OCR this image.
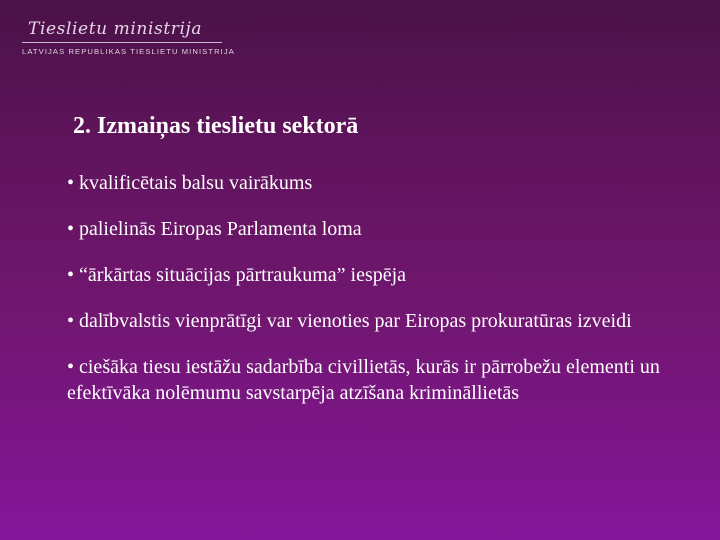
Tieslietu ministrija
LATVIJAS REPUBLIKAS TIESLIETU MINISTRIJA
2. Izmaiņas tieslietu sektorā
• kvalificētais balsu vairākums
• palielinās Eiropas Parlamenta loma
• “ārkārtas situācijas pārtraukuma” iespēja
• dalībvalstis vienprātīgi var vienoties par Eiropas prokuratūras izveidi
• ciešāka tiesu iestāžu sadarbība civillietās, kurās ir pārrobežu elementi un efektīvāka nolēmumu savstarpēja atzīšana krimināllietās
